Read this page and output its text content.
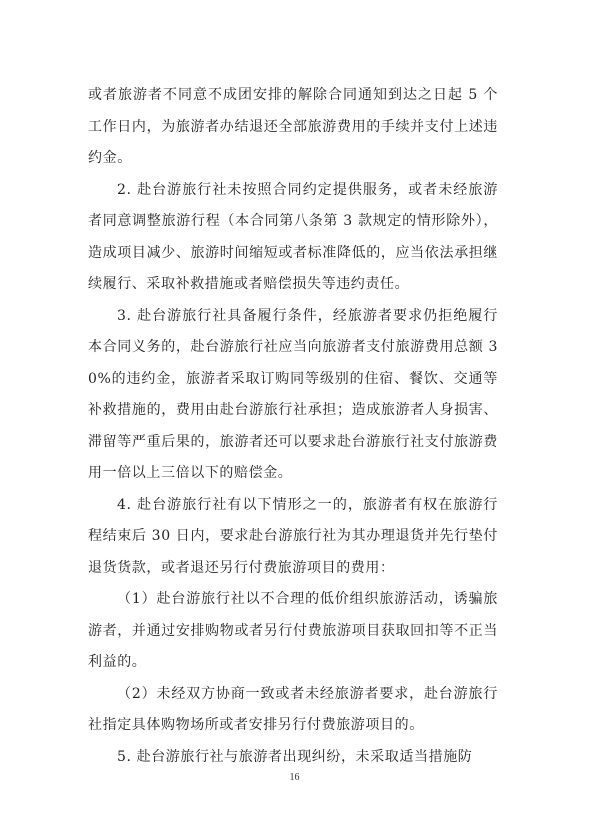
或者旅游者不同意不成团安排的解除合同通知到达之日起 5 个工作日内，为旅游者办结退还全部旅游费用的手续并支付上述违约金。

2. 赴台游旅行社未按照合同约定提供服务，或者未经旅游者同意调整旅游行程（本合同第八条第 3 款规定的情形除外），造成项目减少、旅游时间缩短或者标准降低的，应当依法承担继续履行、采取补救措施或者赔偿损失等违约责任。

3. 赴台游旅行社具备履行条件，经旅游者要求仍拒绝履行本合同义务的，赴台游旅行社应当向旅游者支付旅游费用总额 30%的违约金，旅游者采取订购同等级别的住宿、餐饮、交通等补救措施的，费用由赴台游旅行社承担；造成旅游者人身损害、滞留等严重后果的，旅游者还可以要求赴台游旅行社支付旅游费用一倍以上三倍以下的赔偿金。

4. 赴台游旅行社有以下情形之一的，旅游者有权在旅游行程结束后 30 日内，要求赴台游旅行社为其办理退货并先行垫付退货货款，或者退还另行付费旅游项目的费用：

（1）赴台游旅行社以不合理的低价组织旅游活动，诱骗旅游者，并通过安排购物或者另行付费旅游项目获取回扣等不正当利益的。

（2）未经双方协商一致或者未经旅游者要求，赴台游旅行社指定具体购物场所或者安排另行付费旅游项目的。

5. 赴台游旅行社与旅游者出现纠纷，未采取适当措施防

16
